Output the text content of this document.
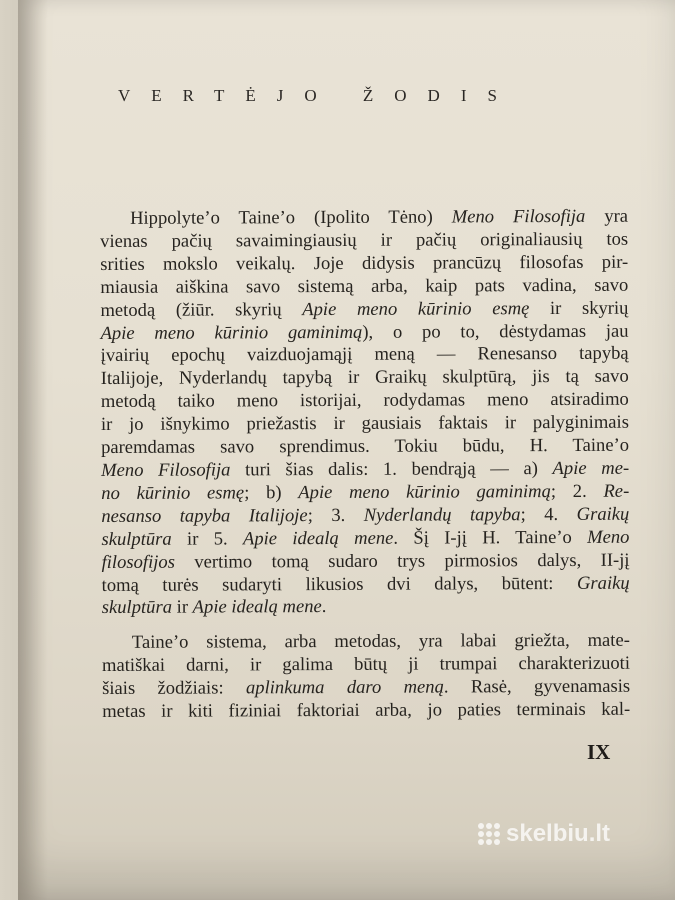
VERTĖJO ŽODIS
Hippolyte’o Taine’o (Ipolito Tėno) Meno Filosofija yra
vienas pačių savaimingiausių ir pačių originaliausių tos
srities mokslo veikalų. Joje didysis prancūzų filosofas pir-
miausia aiškina savo sistemą arba, kaip pats vadina, savo
metodą (žiūr. skyrių Apie meno kūrinio esmę ir skyrių
Apie meno kūrinio gaminimą), o po to, dėstydamas jau
įvairių epochų vaizduojamąjį meną — Renesanso tapybą
Italijoje, Nyderlandų tapybą ir Graikų skulptūrą, jis tą savo
metodą taiko meno istorijai, rodydamas meno atsiradimo
ir jo išnykimo priežastis ir gausiais faktais ir palyginimais
paremdamas savo sprendimus. Tokiu būdu, H. Taine’o
Meno Filosofija turi šias dalis: 1. bendrąją — a) Apie me-
no kūrinio esmę; b) Apie meno kūrinio gaminimą; 2. Re-
nesanso tapyba Italijoje; 3. Nyderlandų tapyba; 4. Graikų
skulptūra ir 5. Apie idealą mene. Šį I-jį H. Taine’o Meno
filosofijos vertimo tomą sudaro trys pirmosios dalys, II-jį
tomą turės sudaryti likusios dvi dalys, būtent: Graikų
skulptūra ir Apie idealą mene.
Taine’o sistema, arba metodas, yra labai griežta, mate-
matiškai darni, ir galima būtų ji trumpai charakterizuoti
šiais žodžiais: aplinkuma daro meną. Rasė, gyvenamasis
metas ir kiti fiziniai faktoriai arba, jo paties terminais kal-
IX
skelbiu.lt
